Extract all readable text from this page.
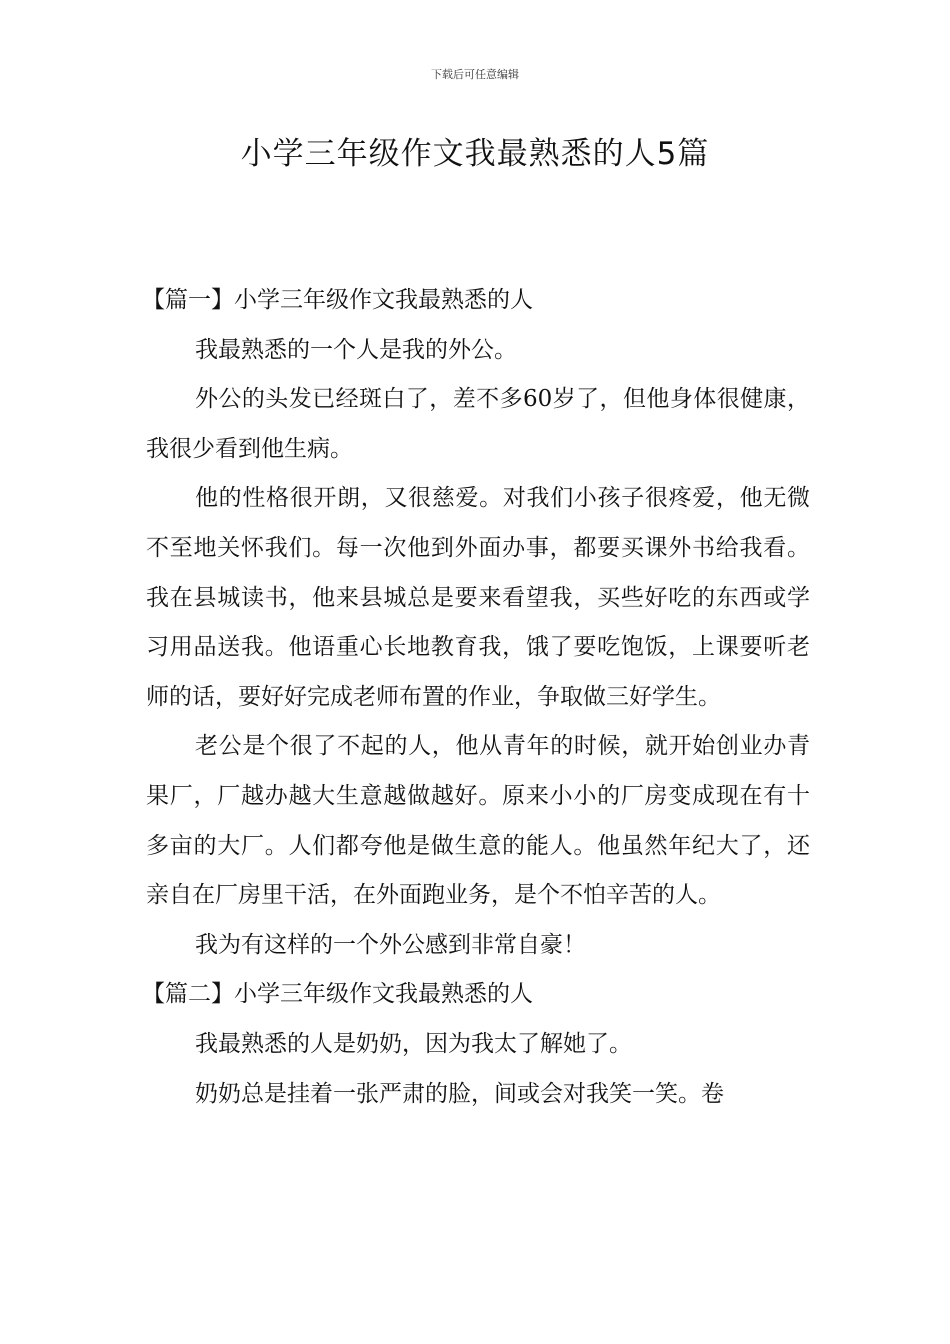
下载后可任意编辑
小学三年级作文我最熟悉的人5篇

【篇一】小学三年级作文我最熟悉的人

我最熟悉的一个人是我的外公。

外公的头发已经斑白了，差不多60岁了，但他身体很健康，我很少看到他生病。

他的性格很开朗，又很慈爱。对我们小孩子很疼爱，他无微不至地关怀我们。每一次他到外面办事，都要买课外书给我看。我在县城读书，他来县城总是要来看望我，买些好吃的东西或学习用品送我。他语重心长地教育我，饿了要吃饱饭，上课要听老师的话，要好好完成老师布置的作业，争取做三好学生。

老公是个很了不起的人，他从青年的时候，就开始创业办青果厂，厂越办越大生意越做越好。原来小小的厂房变成现在有十多亩的大厂。人们都夸他是做生意的能人。他虽然年纪大了，还亲自在厂房里干活，在外面跑业务，是个不怕辛苦的人。

我为有这样的一个外公感到非常自豪！

【篇二】小学三年级作文我最熟悉的人

我最熟悉的人是奶奶，因为我太了解她了。

奶奶总是挂着一张严肃的脸，间或会对我笑一笑。卷
